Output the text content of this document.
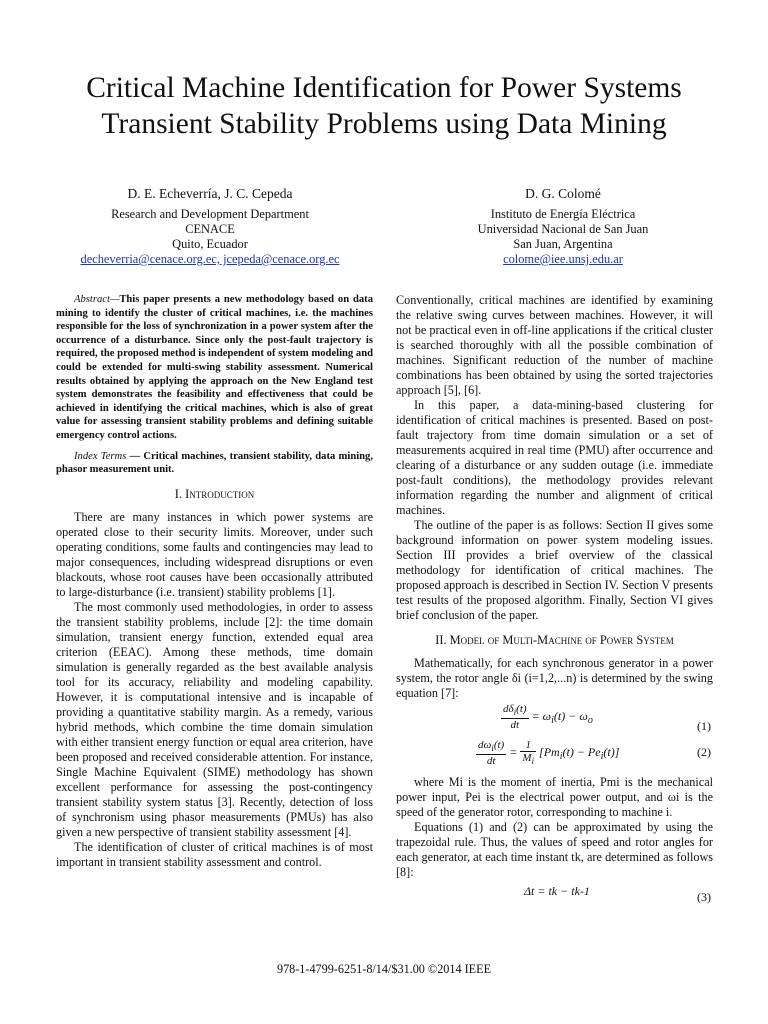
Critical Machine Identification for Power Systems
Transient Stability Problems using Data Mining
D. E. Echeverría, J. C. Cepeda
Research and Development Department
CENACE
Quito, Ecuador
decheverria@cenace.org.ec, jcepeda@cenace.org.ec
D. G. Colomé
Instituto de Energía Eléctrica
Universidad Nacional de San Juan
San Juan, Argentina
colome@iee.unsj.edu.ar

Abstract—This paper presents a new methodology based on data mining to identify the cluster of critical machines, i.e. the machines responsible for the loss of synchronization in a power system after the occurrence of a disturbance. Since only the post-fault trajectory is required, the proposed method is independent of system modeling and could be extended for multi-swing stability assessment. Numerical results obtained by applying the approach on the New England test system demonstrates the feasibility and effectiveness that could be achieved in identifying the critical machines, which is also of great value for assessing transient stability problems and defining suitable emergency control actions.

Index Terms — Critical machines, transient stability, data mining, phasor measurement unit.

I. Introduction

There are many instances in which power systems are operated close to their security limits. Moreover, under such operating conditions, some faults and contingencies may lead to major consequences, including widespread disruptions or even blackouts, whose root causes have been occasionally attributed to large-disturbance (i.e. transient) stability problems [1].

The most commonly used methodologies, in order to assess the transient stability problems, include [2]: the time domain simulation, transient energy function, extended equal area criterion (EEAC). Among these methods, time domain simulation is generally regarded as the best available analysis tool for its accuracy, reliability and modeling capability. However, it is computational intensive and is incapable of providing a quantitative stability margin. As a remedy, various hybrid methods, which combine the time domain simulation with either transient energy function or equal area criterion, have been proposed and received considerable attention. For instance, Single Machine Equivalent (SIME) methodology has shown excellent performance for assessing the post-contingency transient stability system status [3]. Recently, detection of loss of synchronism using phasor measurements (PMUs) has also given a new perspective of transient stability assessment [4].

The identification of cluster of critical machines is of most important in transient stability assessment and control.

Conventionally, critical machines are identified by examining the relative swing curves between machines. However, it will not be practical even in off-line applications if the critical cluster is searched thoroughly with all the possible combination of machines. Significant reduction of the number of machine combinations has been obtained by using the sorted trajectories approach [5], [6].

In this paper, a data-mining-based clustering for identification of critical machines is presented. Based on post-fault trajectory from time domain simulation or a set of measurements acquired in real time (PMU) after occurrence and clearing of a disturbance or any sudden outage (i.e. immediate post-fault conditions), the methodology provides relevant information regarding the number and alignment of critical machines.

The outline of the paper is as follows: Section II gives some background information on power system modeling issues. Section III provides a brief overview of the classical methodology for identification of critical machines. The proposed approach is described in Section IV. Section V presents test results of the proposed algorithm. Finally, Section VI gives brief conclusion of the paper.

II. Model of Multi-Machine of Power System

Mathematically, for each synchronous generator in a power system, the rotor angle δi (i=1,2,...n) is determined by the swing equation [7]:

$\frac{d\delta_i(t)}{dt} = \omega_i(t) - \omega_o$	(1)
$\frac{d\omega_i(t)}{dt} = \frac{1}{M_i} [Pm_i(t) - Pe_i(t)]$	(2)

where Mi is the moment of inertia, Pmi is the mechanical power input, Pei is the electrical power output, and ωi is the speed of the generator rotor, corresponding to machine i.

Equations (1) and (2) can be approximated by using the trapezoidal rule. Thus, the values of speed and rotor angles for each generator, at each time instant tk, are determined as follows [8]:

Δt = tk − tk-1	(3)
978-1-4799-6251-8/14/$31.00 ©2014 IEEE
